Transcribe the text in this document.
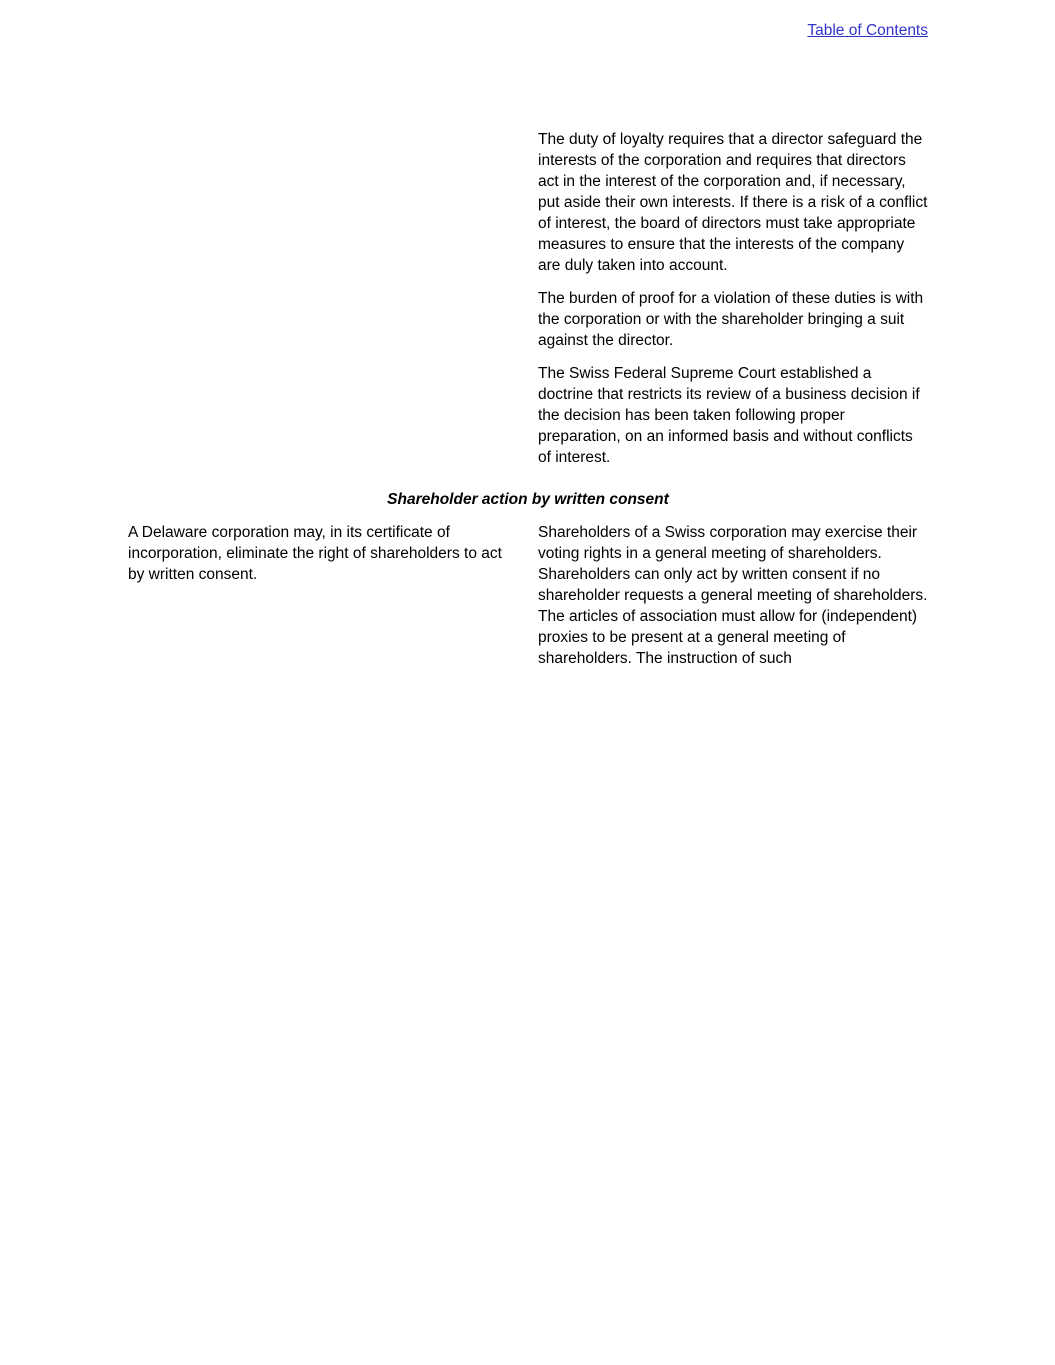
Table of Contents

The duty of loyalty requires that a director safeguard the interests of the corporation and requires that directors act in the interest of the corporation and, if necessary, put aside their own interests. If there is a risk of a conflict of interest, the board of directors must take appropriate measures to ensure that the interests of the company are duly taken into account.

The burden of proof for a violation of these duties is with the corporation or with the shareholder bringing a suit against the director.

The Swiss Federal Supreme Court established a doctrine that restricts its review of a business decision if the decision has been taken following proper preparation, on an informed basis and without conflicts of interest.

Shareholder action by written consent

A Delaware corporation may, in its certificate of incorporation, eliminate the right of shareholders to act by written consent.

Shareholders of a Swiss corporation may exercise their voting rights in a general meeting of shareholders. Shareholders can only act by written consent if no shareholder requests a general meeting of shareholders. The articles of association must allow for (independent) proxies to be present at a general meeting of shareholders. The instruction of such
